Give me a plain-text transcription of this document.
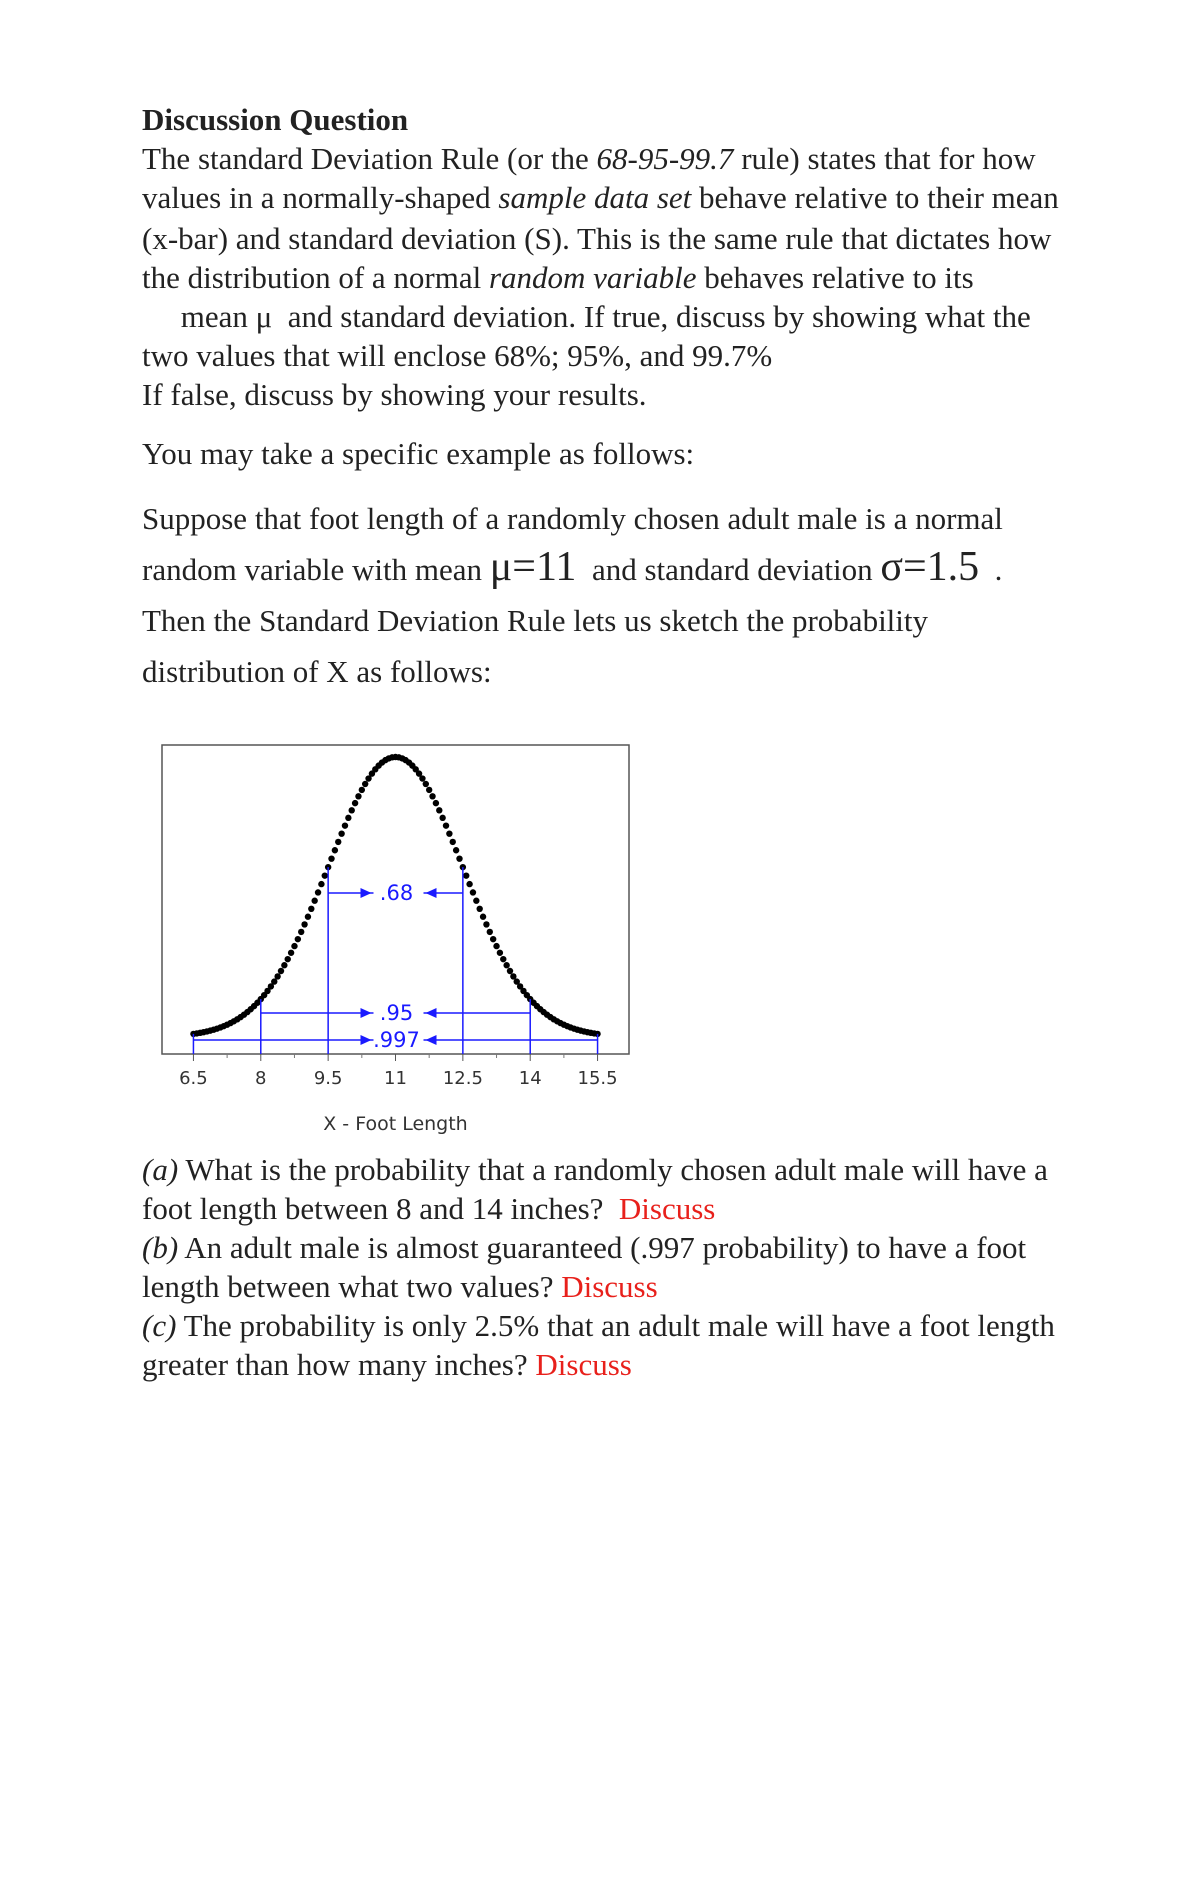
Discussion Question

The standard Deviation Rule (or the 68-95-99.7 rule) states that for how values in a normally-shaped sample data set behave relative to their mean

(x-bar) and standard deviation (S). This is the same rule that dictates how the distribution of a normal random variable behaves relative to its      mean μ  and standard deviation. If true, discuss by showing what the two values that will enclose 68%; 95%, and 99.7%

If false, discuss by showing your results.

You may take a specific example as follows:

Suppose that foot length of a randomly chosen adult male is a normal random variable with mean μ=11  and standard deviation σ=1.5  . Then the Standard Deviation Rule lets us sketch the probability distribution of X as follows:

6.5	8	9.5 11 12.5 14 15.5
X - Foot Length
.68
.95
.997

(a) What is the probability that a randomly chosen adult male will have a foot length between 8 and 14 inches?  Discuss

(b) An adult male is almost guaranteed (.997 probability) to have a foot length between what two values? Discuss

(c) The probability is only 2.5% that an adult male will have a foot length greater than how many inches? Discuss
